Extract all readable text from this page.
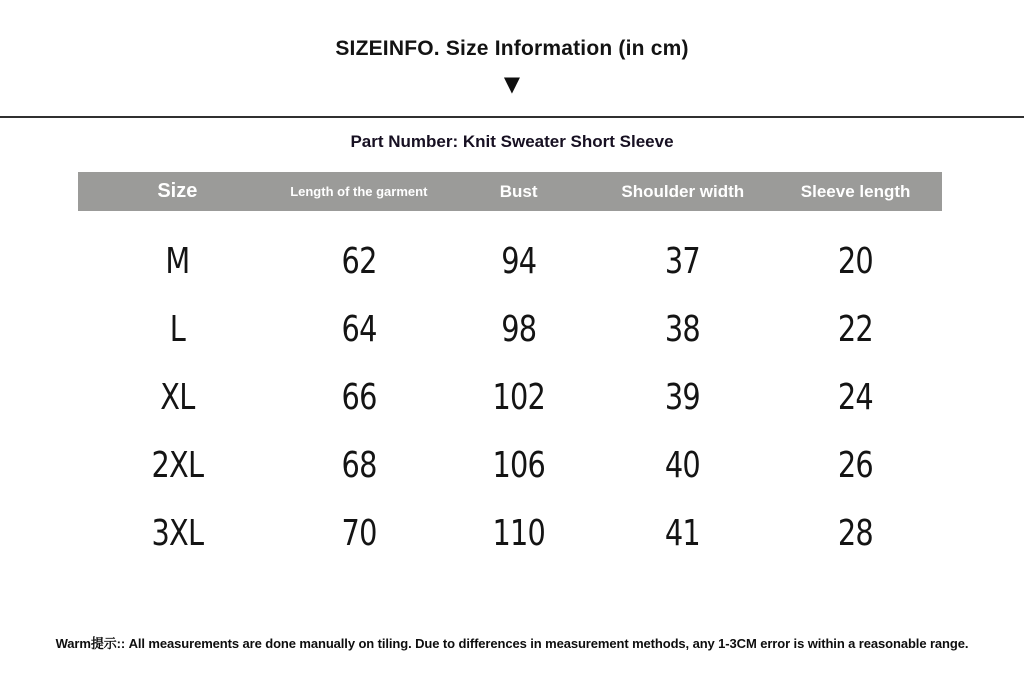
SIZEINFO. Size Information (in cm)
▼
Part Number: Knit Sweater Short Sleeve
Size	Length of the garment	Bust	Shoulder width	Sleeve length
M	62	94	37	20
L	64	98	38	22
XL	66	102	39	24
2XL	68	106	40	26
3XL	70	110	41	28

Warm提示:: All measurements are done manually on tiling. Due to differences in measurement methods, any 1-3CM error is within a reasonable range.
